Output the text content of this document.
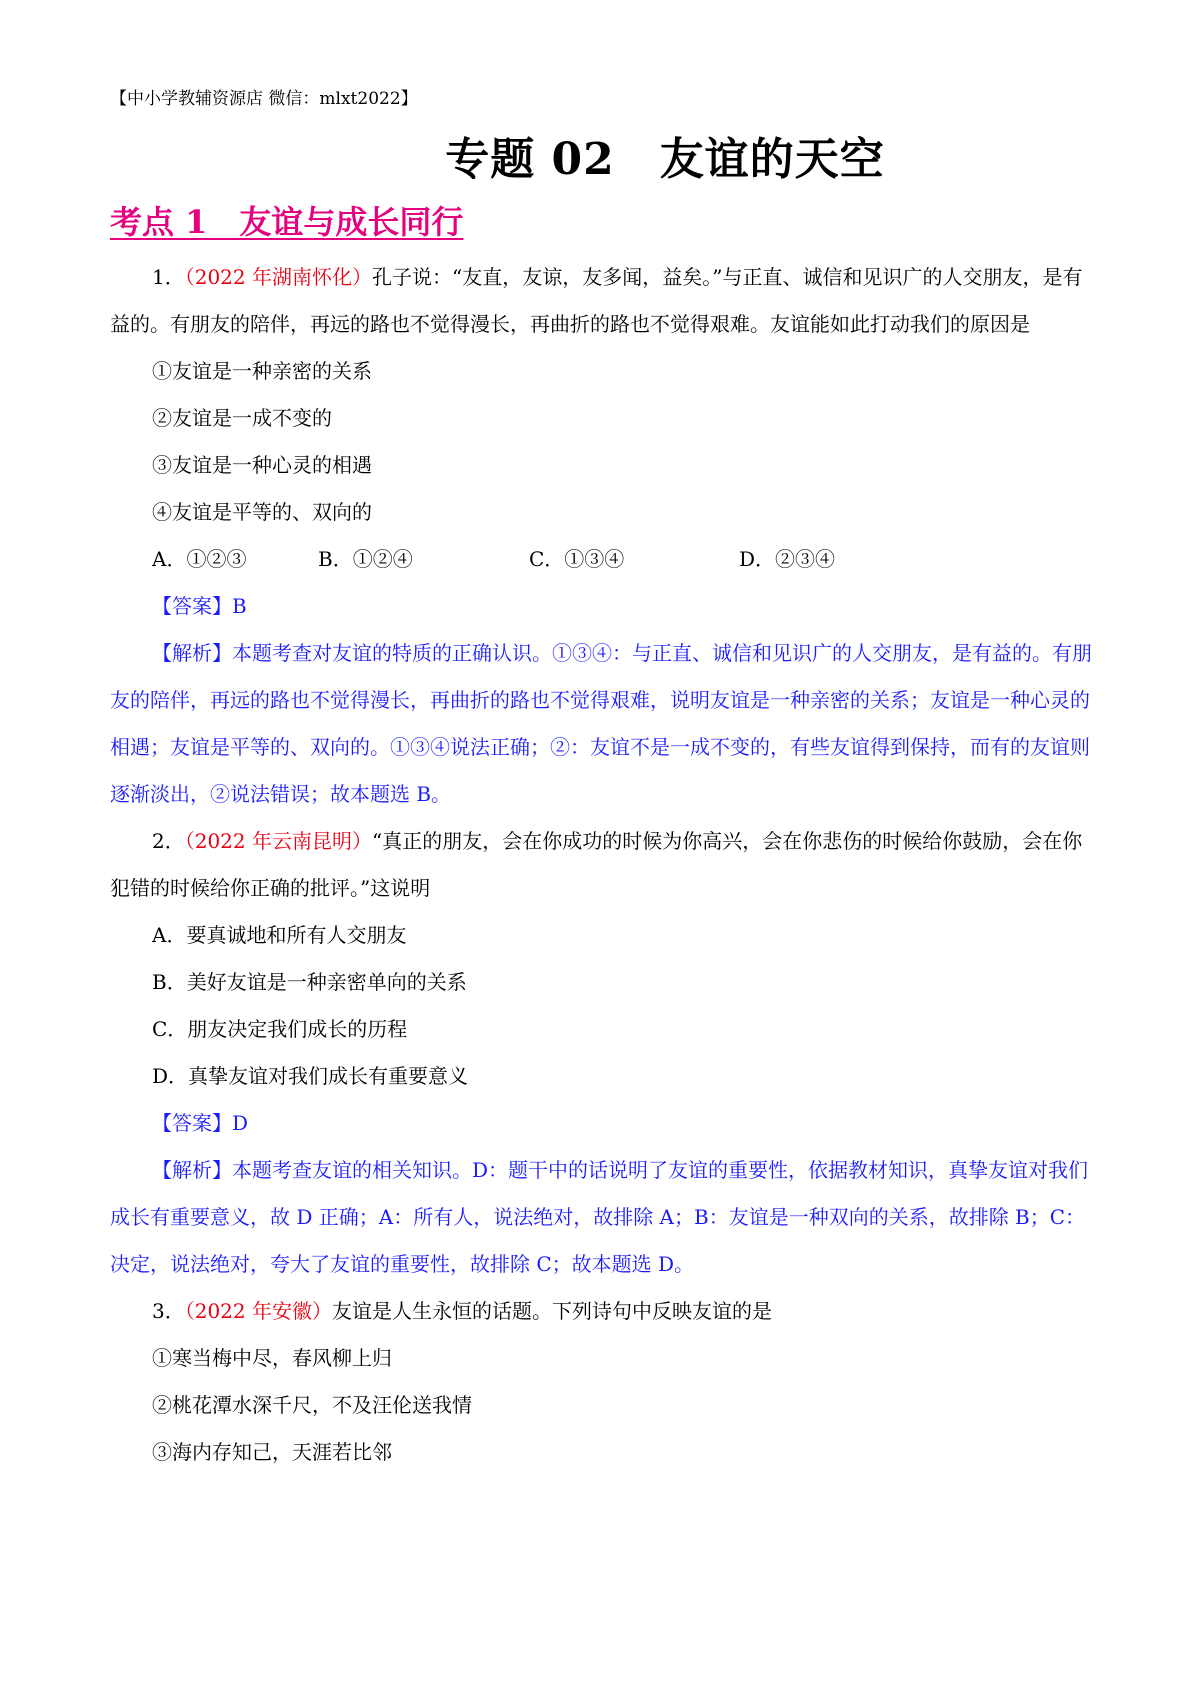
【中小学教辅资源店 微信：mlxt2022】
专题 02　友谊的天空
考点 1　友谊与成长同行

1．（2022 年湖南怀化）孔子说：“友直，友谅，友多闻，益矣。”与正直、诚信和见识广的人交朋友，是有益的。有朋友的陪伴，再远的路也不觉得漫长，再曲折的路也不觉得艰难。友谊能如此打动我们的原因是

①友谊是一种亲密的关系

②友谊是一成不变的

③友谊是一种心灵的相遇

④友谊是平等的、双向的

A．①②③	B．①②④	C．①③④	D．②③④

【答案】B

【解析】本题考查对友谊的特质的正确认识。①③④：与正直、诚信和见识广的人交朋友，是有益的。有朋友的陪伴，再远的路也不觉得漫长，再曲折的路也不觉得艰难，说明友谊是一种亲密的关系；友谊是一种心灵的相遇；友谊是平等的、双向的。①③④说法正确；②：友谊不是一成不变的，有些友谊得到保持，而有的友谊则逐渐淡出，②说法错误；故本题选 B。

2．（2022 年云南昆明）“真正的朋友，会在你成功的时候为你高兴，会在你悲伤的时候给你鼓励，会在你犯错的时候给你正确的批评。”这说明

A．要真诚地和所有人交朋友

B．美好友谊是一种亲密单向的关系

C．朋友决定我们成长的历程

D．真挚友谊对我们成长有重要意义

【答案】D

【解析】本题考查友谊的相关知识。D：题干中的话说明了友谊的重要性，依据教材知识，真挚友谊对我们成长有重要意义，故 D 正确；A：所有人，说法绝对，故排除 A；B：友谊是一种双向的关系，故排除 B；C：决定，说法绝对，夸大了友谊的重要性，故排除 C；故本题选 D。

3．（2022 年安徽）友谊是人生永恒的话题。下列诗句中反映友谊的是

①寒当梅中尽，春风柳上归

②桃花潭水深千尺，不及汪伦送我情

③海内存知己，天涯若比邻
